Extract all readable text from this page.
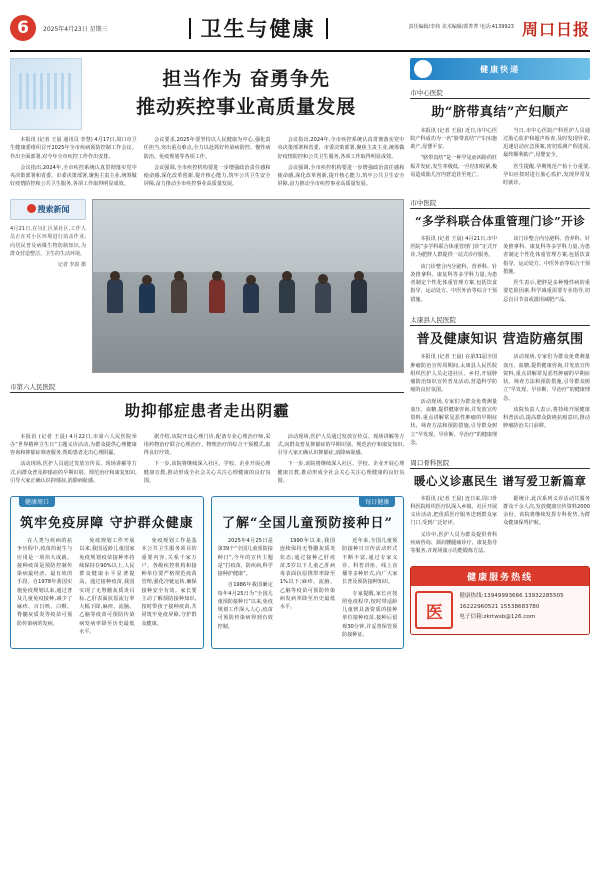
6	2025年4月23日 星期三	卫生与健康	责任编辑/李炜 美术编辑/郭菁菁 电话:4139923 周口日报
担当作为 奋勇争先
推动疾控事业高质量发展

本报讯 (记者 王晨 通讯员 李慧) 4月17日,周口市卫生健康委组织召开2025年全市疾病预防控制工作会议。作出全面部署,对今年全市疾控工作作出安排。

会议指出,2024年,全市疾控系统认真贯彻落实党中央决策部署和省委、市委决策部署,聚焦主责主业,统筹做好疫情防控和公共卫生服务,各项工作取得明显成效。

会议要求,2025年要坚持以人民健康为中心,强化责任担当,突出重点难点,全力以赴抓好传染病防控、慢性病防治、免疫规划等各项工作。

会议强调,全市疾控机构要进一步增强政治责任感和使命感,深化改革创新,提升核心能力,筑牢公共卫生安全屏障,奋力推动全市疾控事业高质量发展。

会议指出,2024年,全市疾控系统认真贯彻落实党中央决策部署和省委、市委决策部署,聚焦主责主业,统筹做好疫情防控和公共卫生服务,各项工作取得明显成效。

会议强调,全市疾控机构要进一步增强政治责任感和使命感,深化改革创新,提升核心能力,筑牢公共卫生安全屏障,奋力推动全市疾控事业高质量发展。

搜索新闻
4月21日,在川汇区某社区,工作人员正在对小区环境进行消杀作业,向居民普及病媒生物防制知识,为群众营造整洁、卫生的生活环境。
记者 李韵 摄
市第六人民医院
助抑郁症患者走出阴霾

本报讯 (记者 王晨) 4月22日,市第六人民医院举办“世界精神卫生日”主题义诊活动,为群众提供心理健康咨询和抑郁症筛查服务,帮助患者走出心理阴霾。

活动现场,医护人员通过发放宣传页、现场讲解等方式,向群众普及抑郁症的早期识别、规范治疗和康复知识,引导大家正确认识抑郁症,消除病耻感。

据介绍,该院开设心理门诊,配备专业心理治疗师,采用药物治疗联合心理治疗、物理治疗的综合干预模式,取得良好疗效。

下一步,该院将继续深入社区、学校、企业开展心理健康宣教,推动形成全社会关心关注心理健康的良好氛围。

活动现场,医护人员通过发放宣传页、现场讲解等方式,向群众普及抑郁症的早期识别、规范治疗和康复知识,引导大家正确认识抑郁症,消除病耻感。

下一步,该院将继续深入社区、学校、企业开展心理健康宣教,推动形成全社会关心关注心理健康的良好氛围。

健康周口
筑牢免疫屏障 守护群众健康

在人类与疾病的抗争历程中,疫苗的诞生与应用是一项伟大成就。接种疫苗是预防控制传染病最经济、最有效的手段。自1978年我国实施免疫规划以来,通过普及儿童免疫接种,减少了麻疹、百日咳、白喉、脊髓灰质炎等疫苗可预防传染病的发病。

免疫规划工作开展以来,我国适龄儿童国家免疫规划疫苗接种率持续保持在90%以上,人民群众健康水平显著提高。通过接种疫苗,我国实现了无脊髓灰质炎目标,乙肝表面抗原流行率大幅下降,麻疹、流脑、乙脑等疫苗可预防传染病发病率降至历史最低水平。

免疫规划工作是基本公共卫生服务项目的重要内容,关系千家万户。各级疾控机构和接种单位要严格规范疫苗管理,强化冷链运转,确保接种安全有效。家长要主动了解预防接种知识,按时带孩子接种疫苗,共同筑牢免疫屏障,守护群众健康。

每日健康
了解“全国儿童预防接种日”

2025年4月25日是第39个“全国儿童预防接种日”,今年的宣传主题是“打疫苗、防疾病,科学接种护健康”。

自1986年我国确定每年4月25日为“全国儿童预防接种日”以来,免疫规划工作深入人心,疫苗可预防传染病得到有效控制。

1990年以来,我国连续保持无脊髓灰质炎状态;通过接种乙肝疫苗,5岁以下儿童乙肝病毒表面抗原携带率降至1%以下;麻疹、流脑、乙脑等疫苗可预防传染病发病率降至历史最低水平。

近年来,全国儿童预防接种日宣传活动形式不断丰富,通过专家义诊、科普讲座、线上直播等多种形式,向广大家长普及预防接种知识。

专家提醒,家长应按照免疫程序,按时带适龄儿童到具备资质的接种单位接种疫苗,接种后留观30分钟,并妥善保管预防接种证。

健康快递
市中心医院
助“脐带真结”产妇顺产

本报讯 (记者 王晨) 近日,市中心医院产科成功为一名“脐带真结”产妇实施助产,母婴平安。

“脐带真结”是一种罕见而凶险的妊娠并发症,发生率极低,一旦结扣收紧,极易造成胎儿宫内窘迫甚至死亡。

当日,市中心医院产科医护人员通过胎心监护和超声检查,及时发现异常,迅速启动应急预案,密切监测产程进展,最终顺利助产,母婴安全。

医生提醒,孕期规范产检十分重要,孕妇应按时进行胎心监护,发现异常及时就诊。

市中医院
“多学科联合体重管理门诊”开诊

本报讯 (记者 王晨) 4月21日,市中医院“多学科联合体重管理门诊”正式开诊,为肥胖人群提供一站式诊疗服务。

该门诊整合内分泌科、营养科、针灸推拿科、康复科等多学科力量,为患者制定个性化体重管理方案,包括饮食指导、运动处方、中医外治等综合干预措施。

该门诊整合内分泌科、营养科、针灸推拿科、康复科等多学科力量,为患者制定个性化体重管理方案,包括饮食指导、运动处方、中医外治等综合干预措施。

医生表示,肥胖是多种慢性病的重要危险因素,科学减重需要专业指导,切忌盲目节食或滥用减肥产品。

太康县人民医院
普及健康知识 营造防癌氛围

本报讯 (记者 王晨) 在第31届全国肿瘤防治宣传周期间,太康县人民医院组织医护人员走进社区、乡村,开展肿瘤防治知识宣传普及活动,营造科学防癌的良好氛围。

活动现场,专家们为群众免费测量血压、血糖,提供健康咨询,并发放宣传资料,重点讲解常见恶性肿瘤的早期症状、筛查方法和预防措施,引导群众树立“早发现、早诊断、早治疗”的健康理念。

活动现场,专家们为群众免费测量血压、血糖,提供健康咨询,并发放宣传资料,重点讲解常见恶性肿瘤的早期症状、筛查方法和预防措施,引导群众树立“早发现、早诊断、早治疗”的健康理念。

该院负责人表示,将持续开展健康科普活动,提高群众防癌抗癌意识,推动肿瘤防治关口前移。

周口骨科医院
暖心义诊惠民生 谱写爱卫新篇章

本报讯 (记者 王晨) 连日来,周口骨科医院组织医疗队深入乡镇、社区开展义诊活动,把优质医疗服务送到群众家门口,受到广泛好评。

义诊中,医护人员为群众提供骨科疾病咨询、颈肩腰腿痛诊疗、康复指导等服务,并现场演示功能锻炼方法。

据统计,此次系列义诊活动共服务群众千余人次,发放健康宣传资料2000余份。该院将继续发挥专科优势,为群众健康保驾护航。

健康服务热线
医
健康热线:13949993666 13932285505
16222960521 15538683780
电子信箱:zkrtwsb@126.com
